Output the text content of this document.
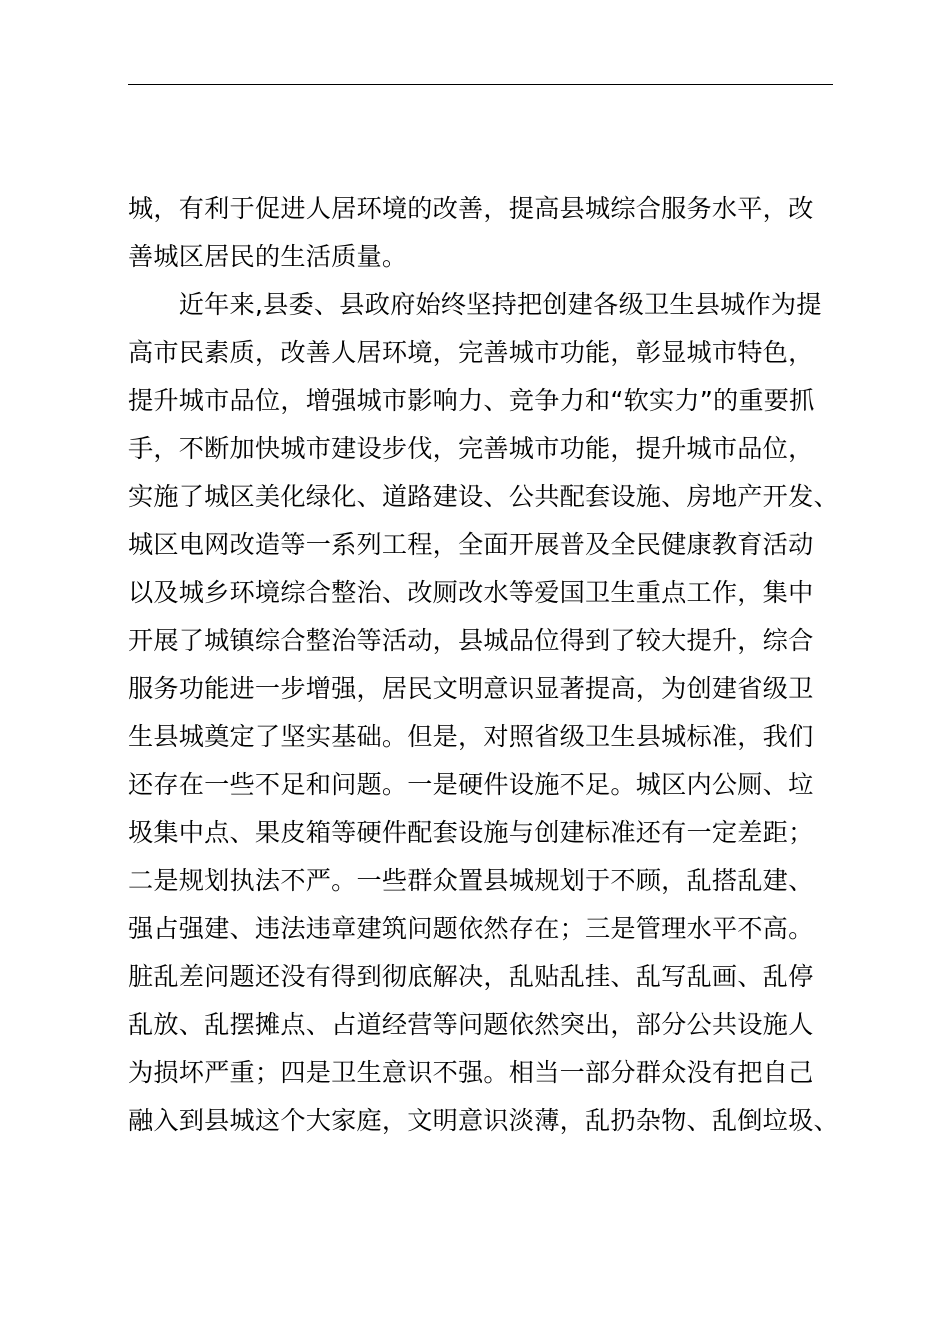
城，有利于促进人居环境的改善，提高县城综合服务水平，改
善城区居民的生活质量。
　　近年来,县委、县政府始终坚持把创建各级卫生县城作为提
高市民素质，改善人居环境，完善城市功能，彰显城市特色，
提升城市品位，增强城市影响力、竞争力和“软实力”的重要抓
手，不断加快城市建设步伐，完善城市功能，提升城市品位，
实施了城区美化绿化、道路建设、公共配套设施、房地产开发、
城区电网改造等一系列工程，全面开展普及全民健康教育活动
以及城乡环境综合整治、改厕改水等爱国卫生重点工作，集中
开展了城镇综合整治等活动，县城品位得到了较大提升，综合
服务功能进一步增强，居民文明意识显著提高，为创建省级卫
生县城奠定了坚实基础。但是，对照省级卫生县城标准，我们
还存在一些不足和问题。一是硬件设施不足。城区内公厕、垃
圾集中点、果皮箱等硬件配套设施与创建标准还有一定差距；
二是规划执法不严。一些群众置县城规划于不顾，乱搭乱建、
强占强建、违法违章建筑问题依然存在；三是管理水平不高。
脏乱差问题还没有得到彻底解决，乱贴乱挂、乱写乱画、乱停
乱放、乱摆摊点、占道经营等问题依然突出，部分公共设施人
为损坏严重；四是卫生意识不强。相当一部分群众没有把自己
融入到县城这个大家庭，文明意识淡薄，乱扔杂物、乱倒垃圾、
